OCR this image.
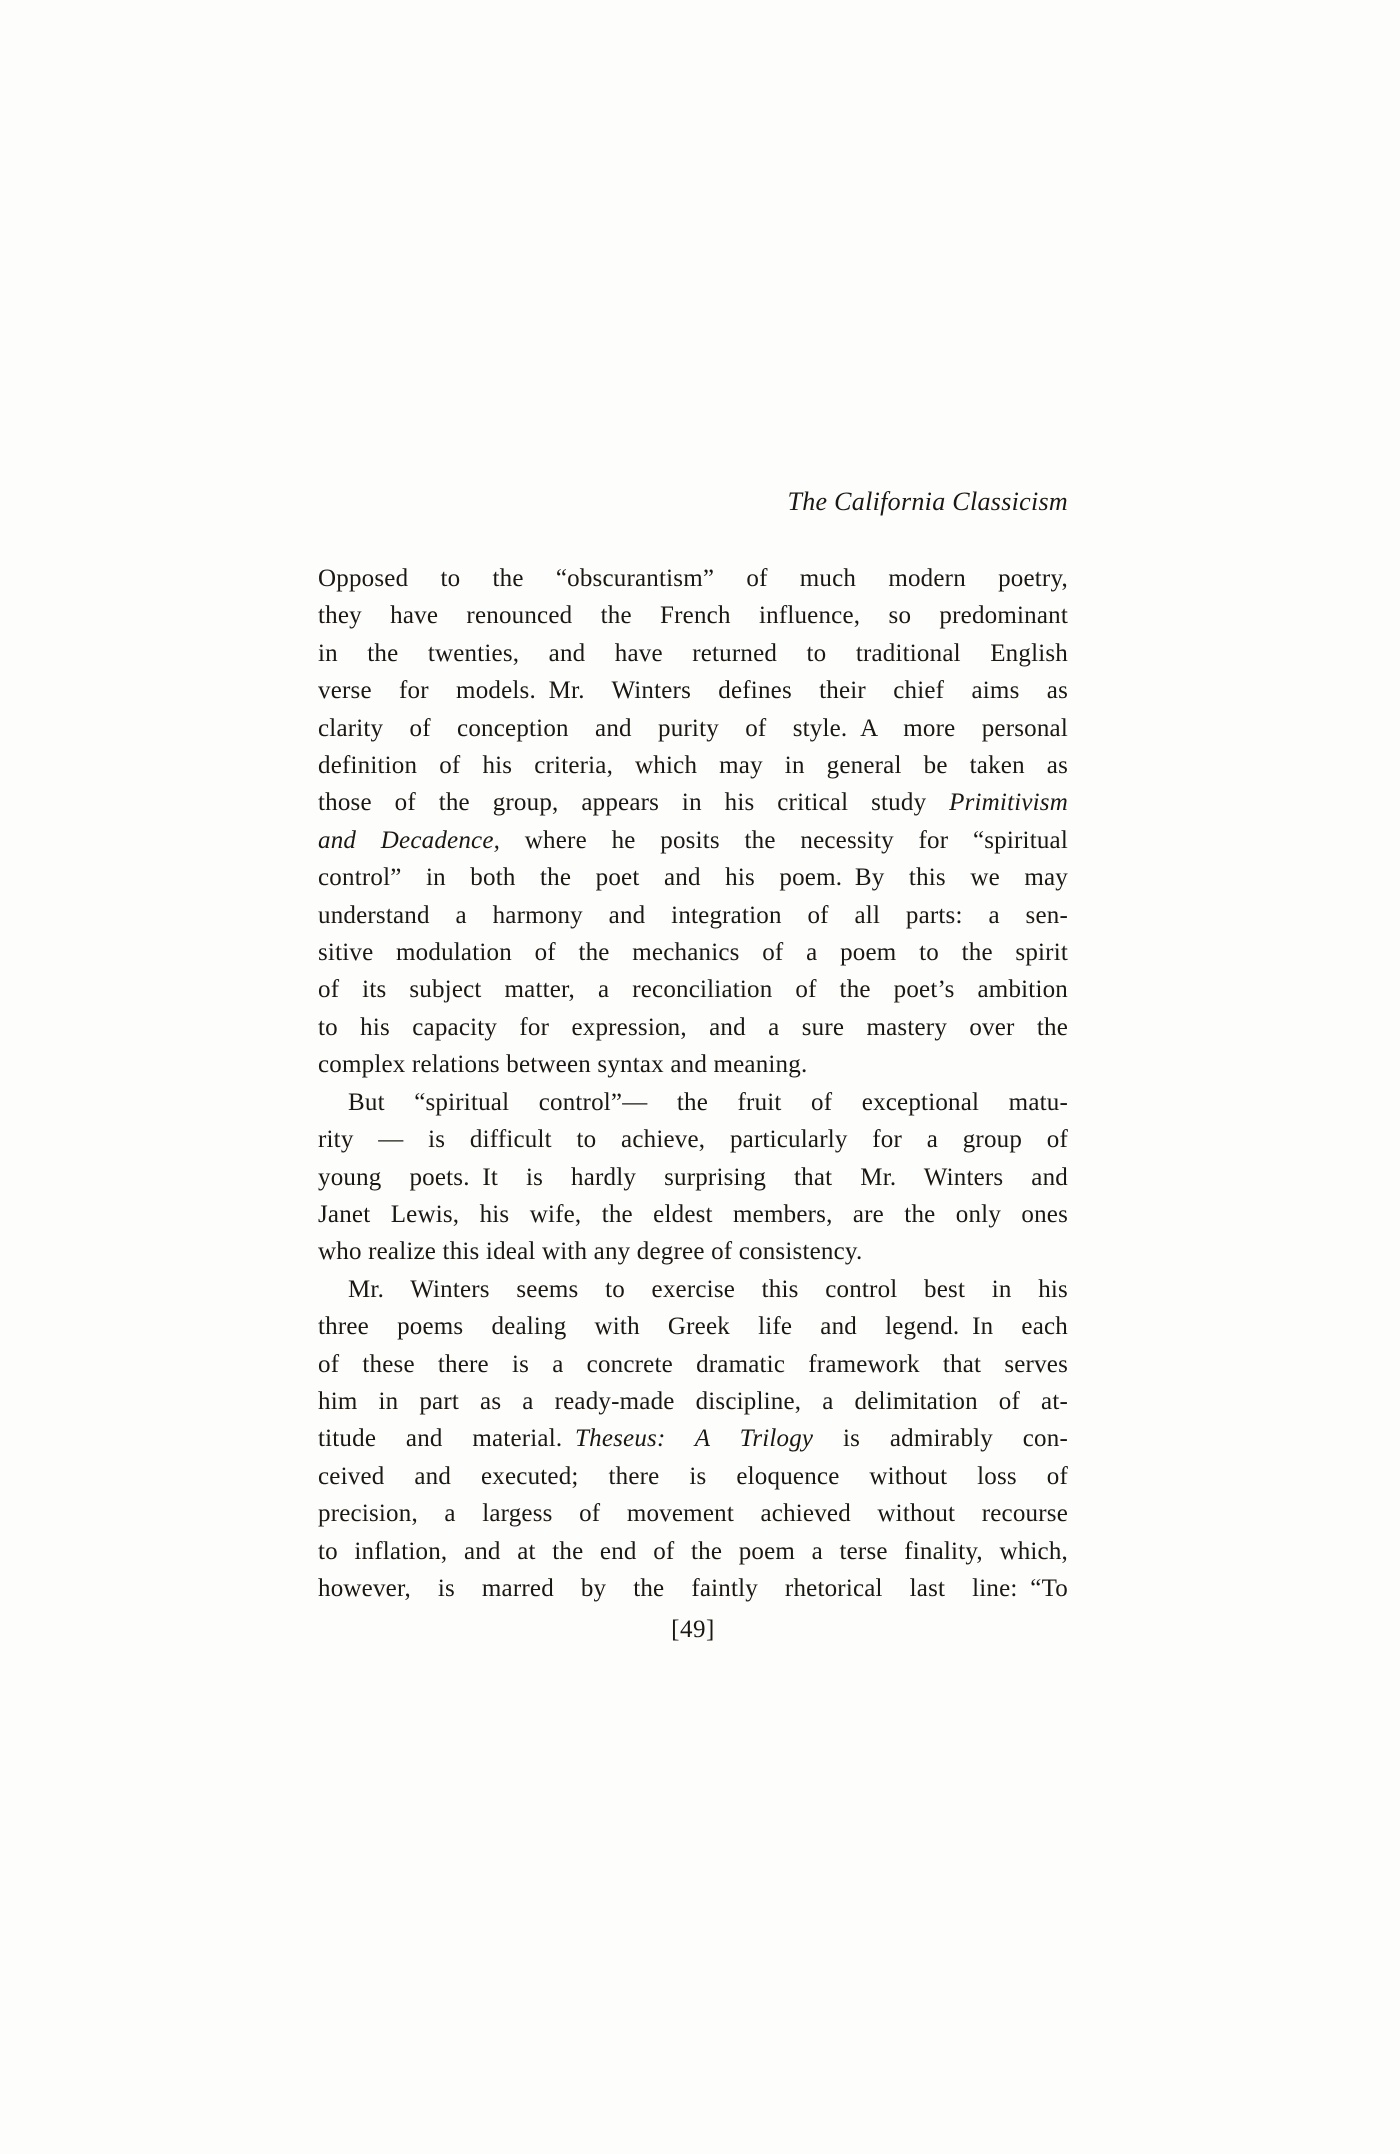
The California Classicism
Opposed to the “obscurantism” of much modern poetry,
they have renounced the French influence, so predominant
in the twenties, and have returned to traditional English
verse for models. Mr. Winters defines their chief aims as
clarity of conception and purity of style. A more personal
definition of his criteria, which may in general be taken as
those of the group, appears in his critical study Primitivism
and Decadence, where he posits the necessity for “spiritual
control” in both the poet and his poem. By this we may
understand a harmony and integration of all parts: a sen-
sitive modulation of the mechanics of a poem to the spirit
of its subject matter, a reconciliation of the poet’s ambition
to his capacity for expression, and a sure mastery over the
complex relations between syntax and meaning.
But “spiritual control”— the fruit of exceptional matu-
rity — is difficult to achieve, particularly for a group of
young poets. It is hardly surprising that Mr. Winters and
Janet Lewis, his wife, the eldest members, are the only ones
who realize this ideal with any degree of consistency.
Mr. Winters seems to exercise this control best in his
three poems dealing with Greek life and legend. In each
of these there is a concrete dramatic framework that serves
him in part as a ready-made discipline, a delimitation of at-
titude and material. Theseus: A Trilogy is admirably con-
ceived and executed; there is eloquence without loss of
precision, a largess of movement achieved without recourse
to inflation, and at the end of the poem a terse finality, which,
however, is marred by the faintly rhetorical last line: “To
[49]
